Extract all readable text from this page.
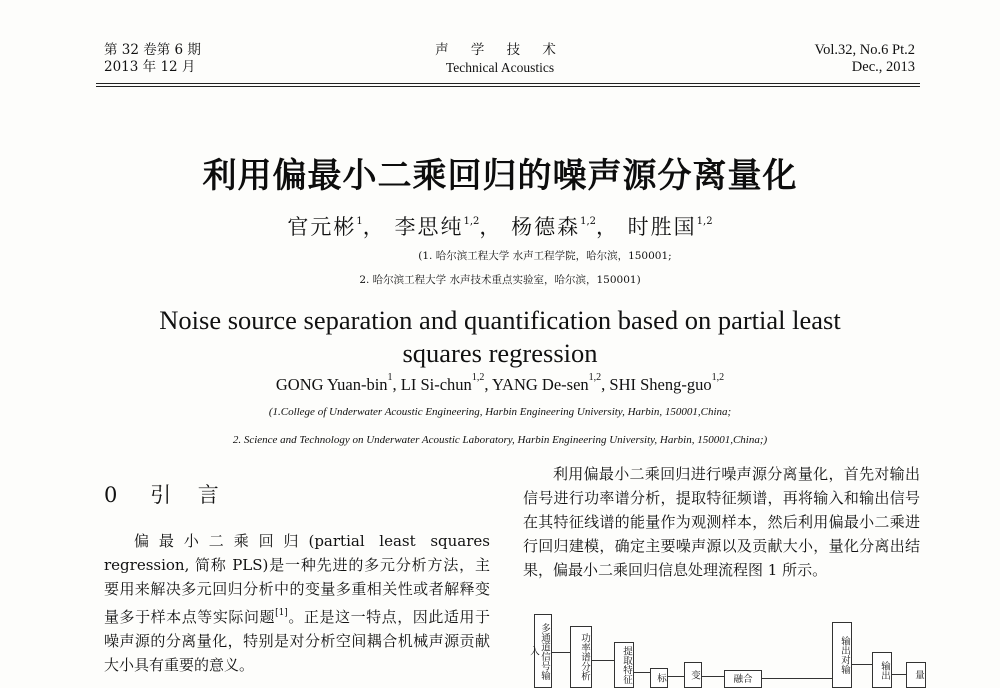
第 32 卷第 6 期
2013 年 12 月
声 学 技 术
Technical Acoustics
Vol.32, No.6 Pt.2
Dec., 2013
利用偏最小二乘回归的噪声源分离量化
官元彬$^1$， 李思纯$^{1,2}$， 杨德森$^{1,2}$， 时胜国$^{1,2}$
(1. 哈尔滨工程大学 水声工程学院，哈尔滨，150001;
2. 哈尔滨工程大学 水声技术重点实验室，哈尔滨，150001)
Noise source separation and quantification based on partial least
squares regression
GONG Yuan-bin$^1$, LI Si-chun$^{1,2}$, YANG De-sen$^{1,2}$, SHI Sheng-guo$^{1,2}$
(1.College of Underwater Acoustic Engineering, Harbin Engineering University, Harbin, 150001,China;
2. Science and Technology on Underwater Acoustic Laboratory, Harbin Engineering University, Harbin, 150001,China;)
0 引 言
偏最小二乘回归(partial least squares regression, 简称 PLS)是一种先进的多元分析方法，主要用来解决多元回归分析中的变量多重相关性或者解释变量多于样本点等实际问题[1]。正是这一特点，因此适用于噪声源的分离量化，特别是对分析空间耦合机械声源贡献大小具有重要的意义。
利用偏最小二乘回归进行噪声源分离量化，首先对输出信号进行功率谱分析，提取特征频谱，再将输入和输出信号在其特征线谱的能量作为观测样本，然后利用偏最小二乘进行回归建模，确定主要噪声源以及贡献大小，量化分离出结果，偏最小二乘回归信息处理流程图 1 所示。
多通道信号输入	功率谱分析	提取特征	标	变	融合
输出对输	输出	量
